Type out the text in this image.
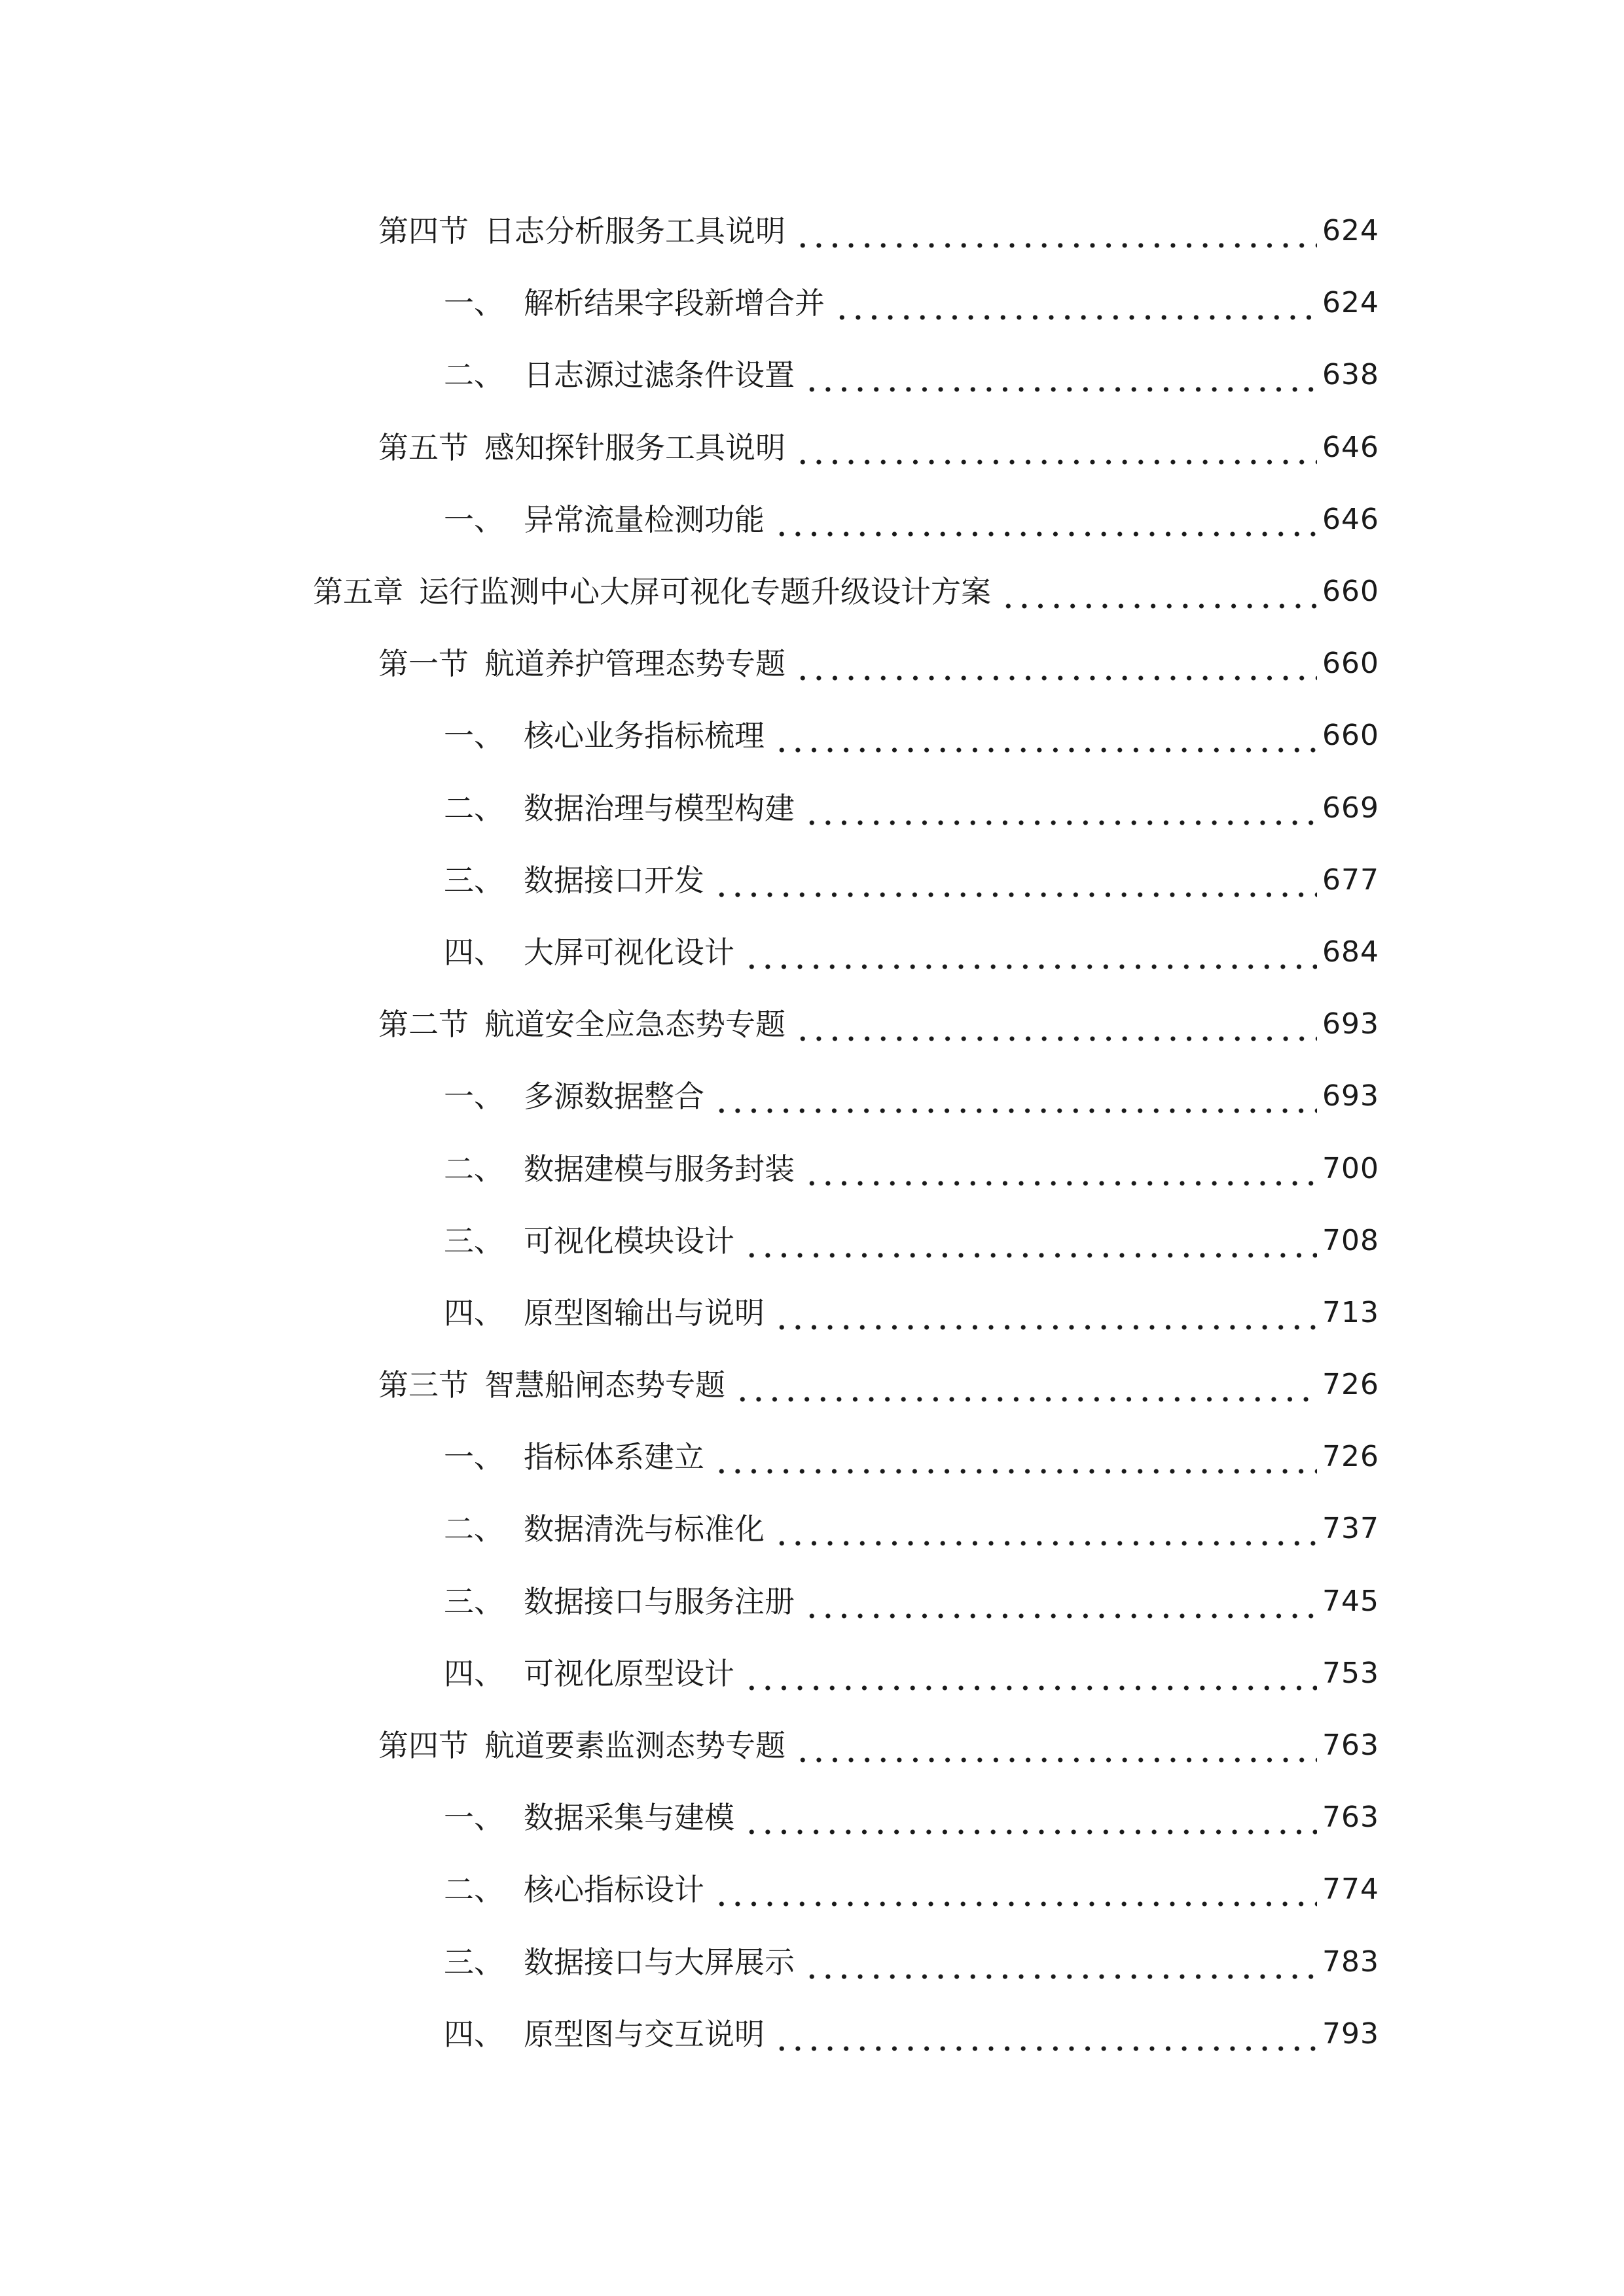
第四节 日志分析服务工具说明	624
一、 解析结果字段新增合并	624
二、 日志源过滤条件设置	638
第五节 感知探针服务工具说明	646
一、 异常流量检测功能	646
第五章 运行监测中心大屏可视化专题升级设计方案	660
第一节 航道养护管理态势专题	660
一、 核心业务指标梳理	660
二、 数据治理与模型构建	669
三、 数据接口开发	677
四、 大屏可视化设计	684
第二节 航道安全应急态势专题	693
一、 多源数据整合	693
二、 数据建模与服务封装	700
三、 可视化模块设计	708
四、 原型图输出与说明	713
第三节 智慧船闸态势专题	726
一、 指标体系建立	726
二、 数据清洗与标准化	737
三、 数据接口与服务注册	745
四、 可视化原型设计	753
第四节 航道要素监测态势专题	763
一、 数据采集与建模	763
二、 核心指标设计	774
三、 数据接口与大屏展示	783
四、 原型图与交互说明	793
